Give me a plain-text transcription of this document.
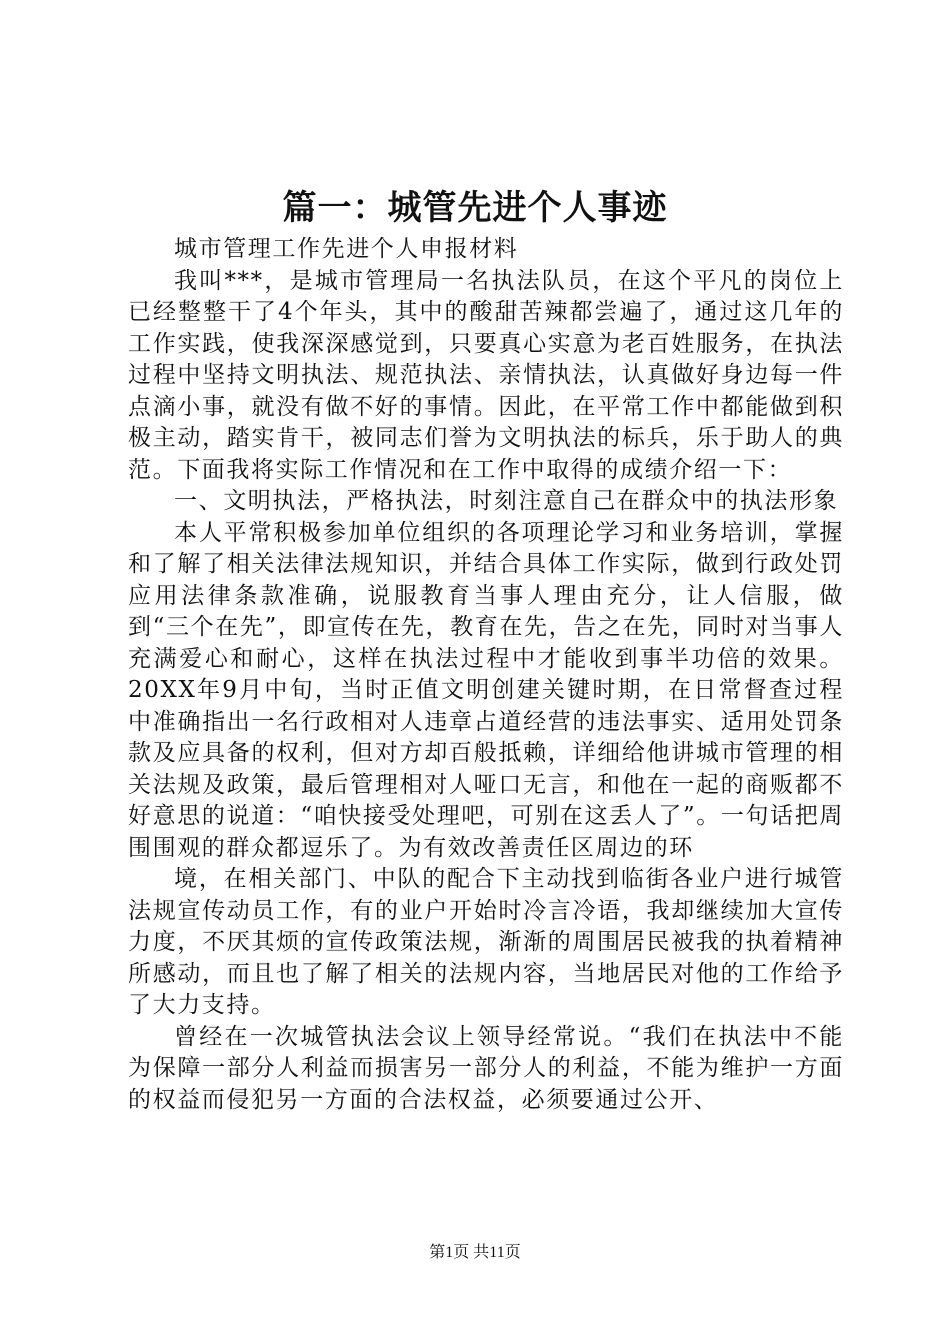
篇一：城管先进个人事迹

城市管理工作先进个人申报材料

我叫***，是城市管理局一名执法队员，在这个平凡的岗位上已经整整干了4个年头，其中的酸甜苦辣都尝遍了，通过这几年的工作实践，使我深深感觉到，只要真心实意为老百姓服务，在执法过程中坚持文明执法、规范执法、亲情执法，认真做好身边每一件点滴小事，就没有做不好的事情。因此，在平常工作中都能做到积极主动，踏实肯干，被同志们誉为文明执法的标兵，乐于助人的典范。下面我将实际工作情况和在工作中取得的成绩介绍一下：

一、文明执法，严格执法，时刻注意自己在群众中的执法形象

本人平常积极参加单位组织的各项理论学习和业务培训，掌握和了解了相关法律法规知识，并结合具体工作实际，做到行政处罚应用法律条款准确，说服教育当事人理由充分，让人信服，做到“三个在先”，即宣传在先，教育在先，告之在先，同时对当事人充满爱心和耐心，这样在执法过程中才能收到事半功倍的效果。20XX年9月中旬，当时正值文明创建关键时期，在日常督查过程中准确指出一名行政相对人违章占道经营的违法事实、适用处罚条款及应具备的权利，但对方却百般抵赖，详细给他讲城市管理的相关法规及政策，最后管理相对人哑口无言，和他在一起的商贩都不好意思的说道：“咱快接受处理吧，可别在这丢人了”。一句话把周围围观的群众都逗乐了。为有效改善责任区周边的环

境，在相关部门、中队的配合下主动找到临街各业户进行城管法规宣传动员工作，有的业户开始时冷言冷语，我却继续加大宣传力度，不厌其烦的宣传政策法规，渐渐的周围居民被我的执着精神所感动，而且也了解了相关的法规内容，当地居民对他的工作给予了大力支持。

曾经在一次城管执法会议上领导经常说。“我们在执法中不能为保障一部分人利益而损害另一部分人的利益，不能为维护一方面的权益而侵犯另一方面的合法权益，必须要通过公开、

第1页 共11页
